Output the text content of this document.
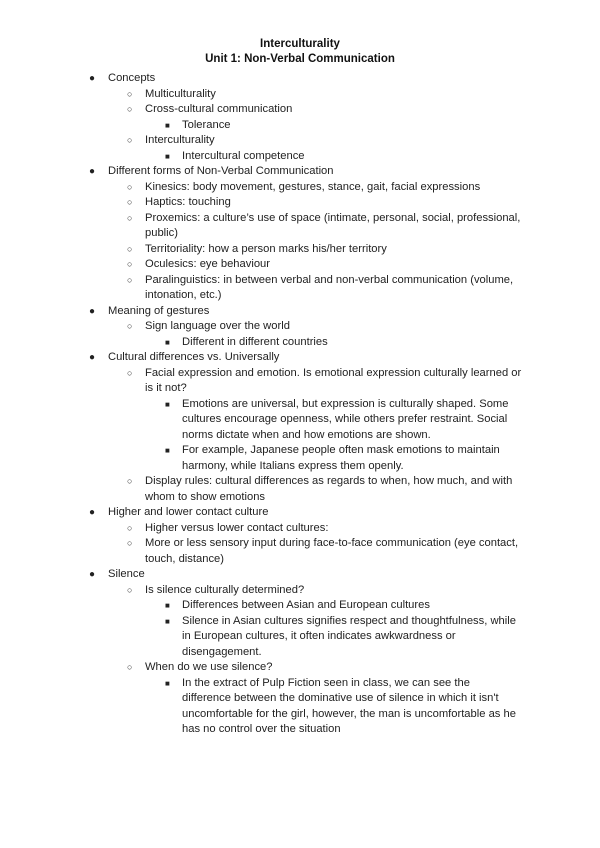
Interculturality
Unit 1: Non-Verbal Communication
● Concepts
○ Multiculturality
○ Cross-cultural communication
■ Tolerance
○ Interculturality
■ Intercultural competence
● Different forms of Non-Verbal Communication
○ Kinesics: body movement, gestures, stance, gait, facial expressions
○ Haptics: touching
○ Proxemics: a culture’s use of space (intimate, personal, social, professional, public)
○ Territoriality: how a person marks his/her territory
○ Oculesics: eye behaviour
○ Paralinguistics: in between verbal and non-verbal communication (volume, intonation, etc.)
● Meaning of gestures
○ Sign language over the world
■ Different in different countries
● Cultural differences vs. Universally
○ Facial expression and emotion. Is emotional expression culturally learned or is it not?
■ Emotions are universal, but expression is culturally shaped. Some cultures encourage openness, while others prefer restraint. Social norms dictate when and how emotions are shown.
■ For example, Japanese people often mask emotions to maintain harmony, while Italians express them openly.
○ Display rules: cultural differences as regards to when, how much, and with whom to show emotions
● Higher and lower contact culture
○ Higher versus lower contact cultures:
○ More or less sensory input during face-to-face communication (eye contact, touch, distance)
● Silence
○ Is silence culturally determined?
■ Differences between Asian and European cultures
■ Silence in Asian cultures signifies respect and thoughtfulness, while in European cultures, it often indicates awkwardness or disengagement.
○ When do we use silence?
■ In the extract of Pulp Fiction seen in class, we can see the difference between the dominative use of silence in which it isn't uncomfortable for the girl, however, the man is uncomfortable as he has no control over the situation
